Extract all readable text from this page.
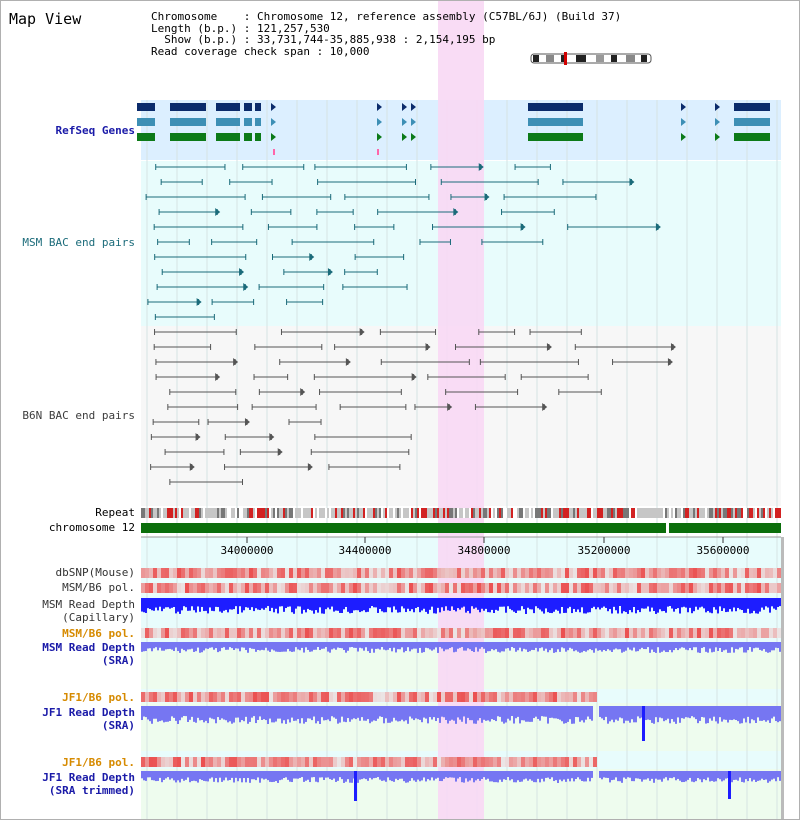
Map View	Chromosome    : Chromosome 12, reference assembly (C57BL/6J) (Build 37)
Length (b.p.) : 121,257,530
Show (b.p.) : 33,731,744-35,885,938 : 2,154,195 bp
Read coverage check span : 10,000
RefSeq Genes
MSM BAC end pairs
B6N BAC end pairs
Repeat
chromosome 12
dbSNP(Mouse)
MSM/B6 pol.
MSM Read Depth
(Capillary)
MSM/B6 pol.
MSM Read Depth
(SRA)
JF1/B6 pol.
JF1 Read Depth
(SRA)
JF1/B6 pol.
JF1 Read Depth
(SRA trimmed)
34000000	34400000	34800000	35200000	35600000
